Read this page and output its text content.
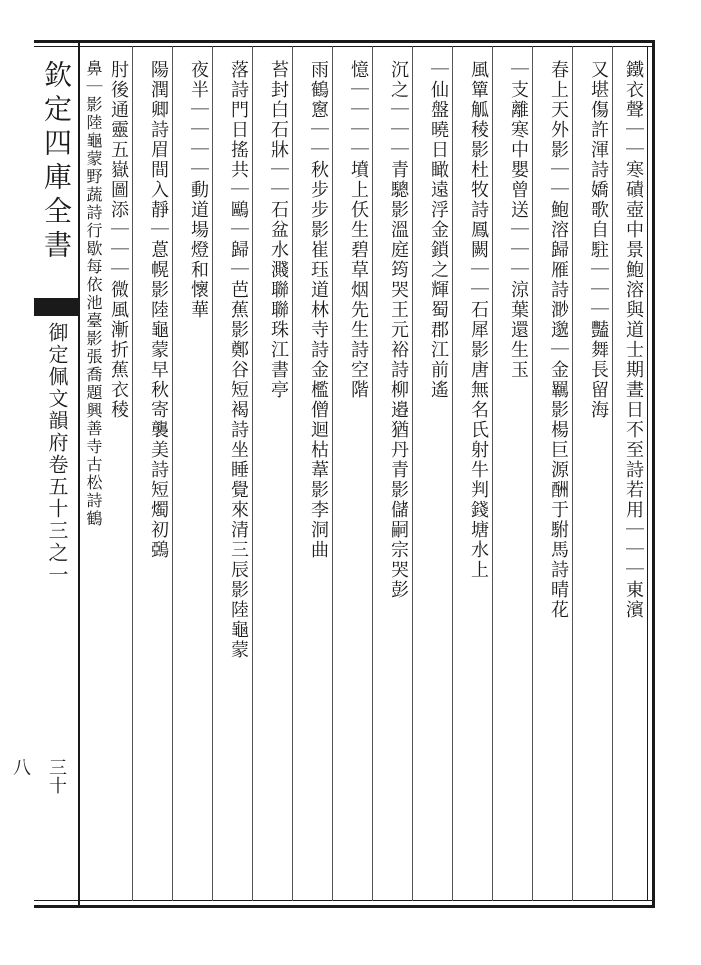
欽定四庫全書
御定佩文韻府卷五十三之一
三十八
鐵衣聲｜｜寒磧壺中景鮑溶與道士期晝日不至詩若用｜｜｜東濱
又堪傷許渾詩嬌歌自駐｜｜｜豔舞長留海
春上天外影｜｜鮑溶歸雁詩渺邈｜金羈影楊巨源酬于駙馬詩晴花
｜支離寒中嬰曾送｜｜｜涼葉還生玉
風簞觚稜影杜牧詩鳳闕｜｜石犀影唐無名氏射牛判錢塘水上
｜仙盤曉日瞰遠浮金鎖之輝蜀郡江前遙
沉之｜｜｜青驄影溫庭筠哭王元裕詩柳邉猶丹青影儲嗣宗哭彭
憶｜｜｜｜墳上仸生碧草烟先生詩空階
雨鶴窻｜｜秋步步影崔珏道林寺詩金檻僧迴枯葦影李洞曲
苔封白石牀｜｜石盆水濺聯聯珠江書亭
落詩門日搖共｜鷗｜歸｜芭蕉影鄭谷短褐詩坐睡覺來清三辰影陸龜蒙
夜半｜｜｜｜動道場燈和懷華
陽潤卿詩眉間入靜｜蒠幌影陸龜蒙早秋寄襲美詩短燭初鵶
肘後通靈五嶽圖添｜｜｜微風漸折蕉衣稜
鼻｜影陸龜蒙野蔬詩行歇每依池臺影張喬題興善寺古松詩鶴
